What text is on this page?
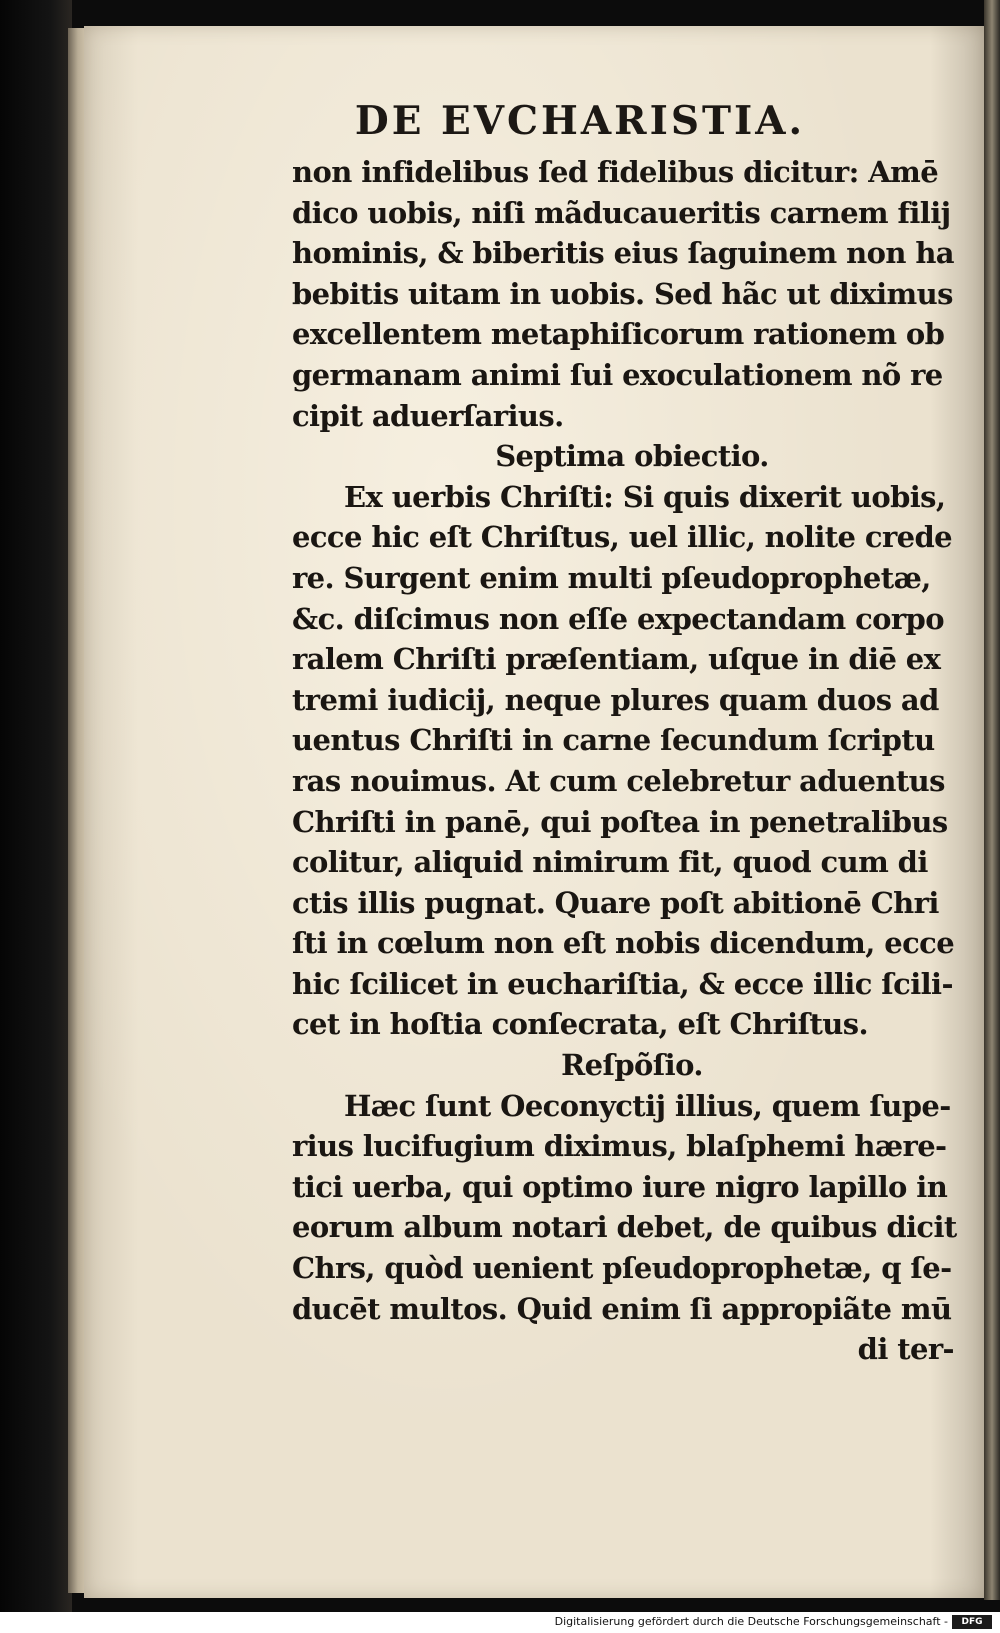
DE EVCHARISTIA.
non infidelibus ſed fidelibus dicitur: Amē
dico uobis, niſi mãducaueritis carnem filij
hominis, & biberitis eius ſaguinem non ha
bebitis uitam in uobis. Sed hãc ut diximus
excellentem metaphiſicorum rationem ob
germanam animi ſui exoculationem nõ re
cipit aduerſarius.
Septima obiectio.
Ex uerbis Chriſti: Si quis dixerit uobis,
ecce hic eſt Chriſtus, uel illic, nolite crede
re. Surgent enim multi pſeudoprophetæ,
&c. diſcimus non eſſe expectandam corpo
ralem Chriſti præſentiam, uſque in diē ex
tremi iudicij, neque plures quam duos ad
uentus Chriſti in carne ſecundum ſcriptu
ras nouimus. At cum celebretur aduentus
Chriſti in panē, qui poſtea in penetralibus
colitur, aliquid nimirum fit, quod cum di
ctis illis pugnat. Quare poſt abitionē Chri
ſti in cœlum non eſt nobis dicendum, ecce
hic ſcilicet in euchariſtia, & ecce illic ſcili-
cet in hoſtia conſecrata, eſt Chriſtus.
Reſpõſio.
Hæc ſunt Oeconyctij illius, quem ſupe-
rius lucifugium diximus, blaſphemi hære-
tici uerba, qui optimo iure nigro lapillo in
eorum album notari debet, de quibus dicit
Chrs, quòd uenient pſeudoprophetæ, q ſe-
ducēt multos. Quid enim ſi appropiãte mū
di ter-
Digitalisierung gefördert durch die Deutsche Forschungsgemeinschaft -	DFG
